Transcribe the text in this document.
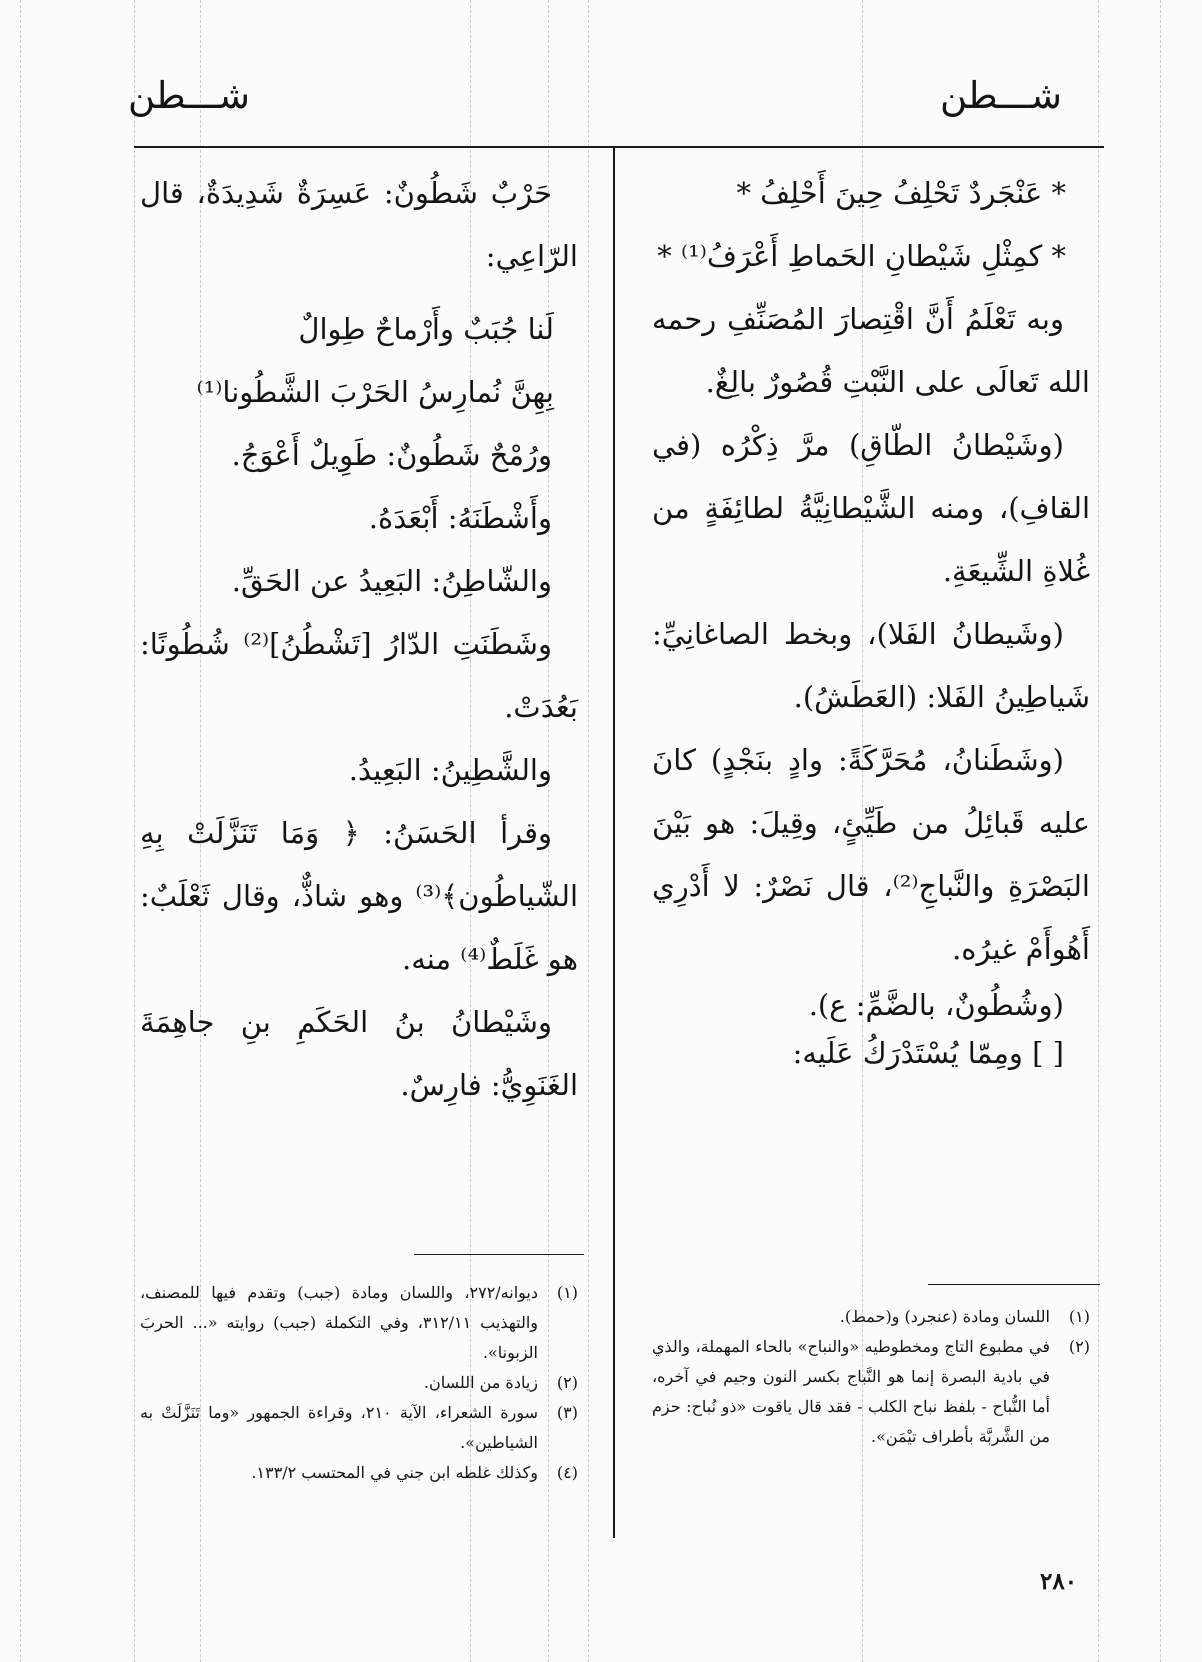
شـــطن
شـــطن

* عَنْجَردٌ تَحْلِفُ حِينَ أَحْلِفُ *

* كمِثْلِ شَيْطانِ الحَماطِ أَعْرَفُ⁽¹⁾ *

وبه تَعْلَمُ أَنَّ اقْتِصارَ المُصَنِّفِ رحمه الله تَعالَى على النَّبْتِ قُصُورٌ بالِغٌ.

(وشَيْطانُ الطّاقِ) مرَّ ذِكْرُه (في القافِ)، ومنه الشَّيْطانِيَّةُ لطائِفَةٍ من غُلاةِ الشِّيعَةِ.

(وشَيطانُ الفَلا)، وبخط الصاغانِيِّ: شَياطِينُ الفَلا: (العَطَشُ).

(وشَطَنانُ، مُحَرَّكَةً: وادٍ بنَجْدٍ) كانَ عليه قَبائِلُ من طَيِّئٍ، وقِيلَ: هو بَيْنَ البَصْرَةِ والنَّباجِ⁽²⁾، قال نَصْرٌ: لا أَدْرِي أَهُوأَمْ غيرُه.

(وشُطُونٌ، بالضَّمِّ: ع).

[ ] ومِمّا يُسْتَدْرَكُ عَلَيه:

حَرْبٌ شَطُونٌ: عَسِرَةٌ شَدِيدَةٌ، قال الرّاعِي:

لَنا جُبَبٌ وأَرْماحٌ طِوالٌ

بِهِنَّ نُمارِسُ الحَرْبَ الشَّطُونا⁽¹⁾

ورُمْحٌ شَطُونٌ: طَوِيلٌ أَعْوَجُ.

وأَشْطَنَهُ: أَبْعَدَهُ.

والشّاطِنُ: البَعِيدُ عن الحَقِّ.

وشَطَنَتِ الدّارُ [تَشْطُنُ]⁽²⁾ شُطُونًا: بَعُدَتْ.

والشَّطِينُ: البَعِيدُ.

وقرأ الحَسَنُ: ﴿ وَمَا تَنَزَّلَتْ بِهِ الشّياطُون﴾⁽³⁾ وهو شاذٌّ، وقال ثَعْلَبٌ: هو غَلَطٌ⁽⁴⁾ منه.

وشَيْطانُ بنُ الحَكَمِ بنِ جاهِمَةَ الغَنَوِيُّ: فارِسٌ.

(١)
اللسان ومادة (عنجرد) و(حمط).
(٢)
في مطبوع التاج ومخطوطيه «والنباح» بالحاء المهملة، والذي في بادية البصرة إنما هو النَّباج بكسر النون وجيم في آخره، أما النُّباح - بلفظ نباح الكلب - فقد قال ياقوت «ذو نُباح: حزم من الشَّربَّة بأطراف تيْمَن».
(١)
ديوانه/٢٧٢، واللسان ومادة (جبب) وتقدم فيها للمصنف، والتهذيب ٣١٢/١١، وفي التكملة (جبب) روايته «... الحربَ الزبونا».
(٢)
زيادة من اللسان.
(٣)
سورة الشعراء، الآية ٢١٠، وقراءة الجمهور «وما تَنَزَّلَتْ به الشياطين».
(٤)
وكذلك غلطه ابن جني في المحتسب ١٣٣/٢.
٢٨٠
